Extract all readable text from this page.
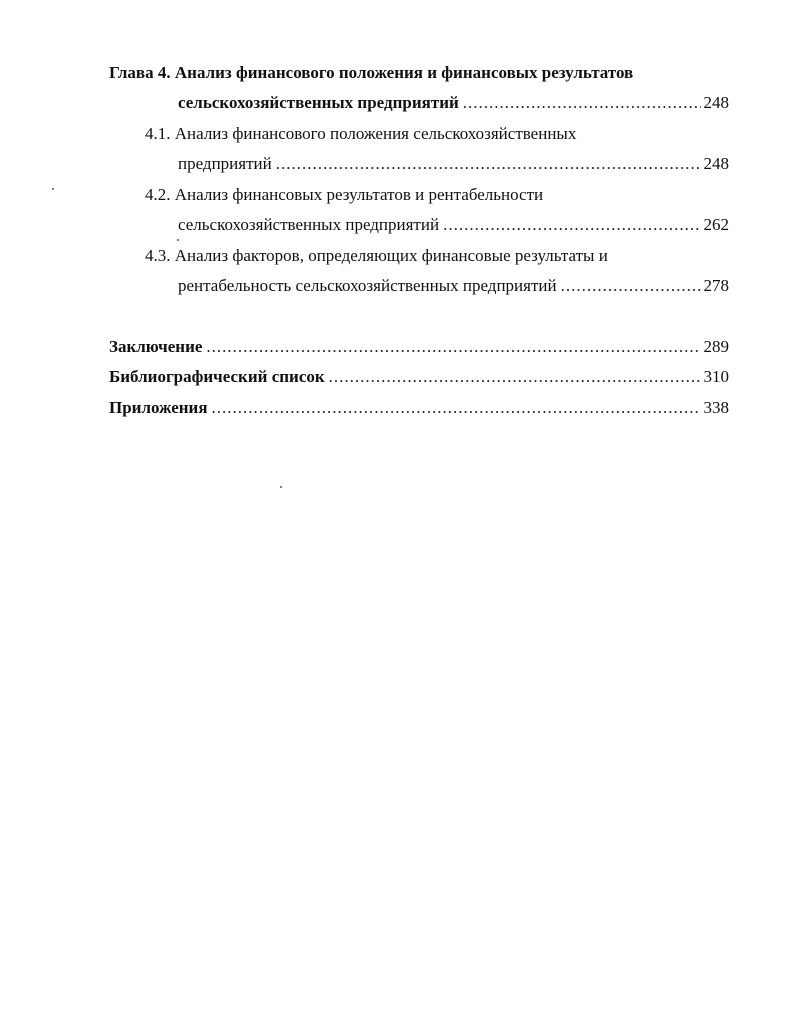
Глава 4. Анализ финансового положения и финансовых результатов
сельскохозяйственных предприятий .....	248
4.1. Анализ финансового положения сельскохозяйственных
предприятий .....	248
4.2. Анализ финансовых результатов и рентабельности
сельскохозяйственных предприятий .....	262
4.3. Анализ факторов, определяющих финансовые результаты и
рентабельность сельскохозяйственных предприятий .....	278
Заключение .....	289
Библиографический список .....	310
Приложения .....	338
